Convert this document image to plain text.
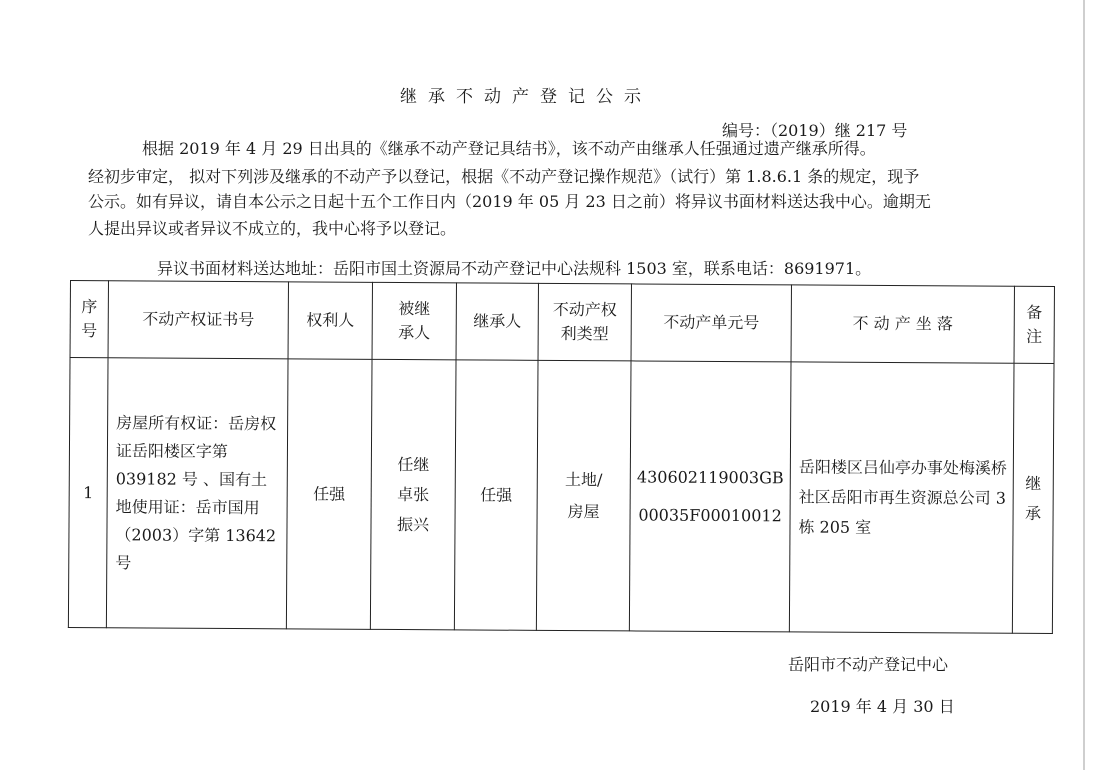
继承不动产登记公示
编号：（2019）继 217 号
根据 2019 年 4 月 29 日出具的《继承不动产登记具结书》，该不动产由继承人任强通过遗产继承所得。
经初步审定， 拟对下列涉及继承的不动产予以登记，根据《不动产登记操作规范》（试行）第 1.8.6.1 条的规定，现予
公示。如有异议，请自本公示之日起十五个工作日内（2019 年 05 月 23 日之前）将异议书面材料送达我中心。逾期无
人提出异议或者异议不成立的，我中心将予以登记。
异议书面材料送达地址：岳阳市国土资源局不动产登记中心法规科 1503 室，联系电话：8691971。
序号	不动产权证书号	权利人	被继承人	继承人	不动产权利类型	不动产单元号	不 动 产 坐 落	备注
1	房屋所有权证：岳房权证岳阳楼区字第 039182 号 、国有土地使用证：岳市国用（2003）字第 13642 号	任强	任继卓张振兴	任强	土地/房屋	430602119003GB00035F00010012	岳阳楼区吕仙亭办事处梅溪桥社区岳阳市再生资源总公司 3 栋 205 室	继承
岳阳市不动产登记中心
2019 年 4 月 30 日
